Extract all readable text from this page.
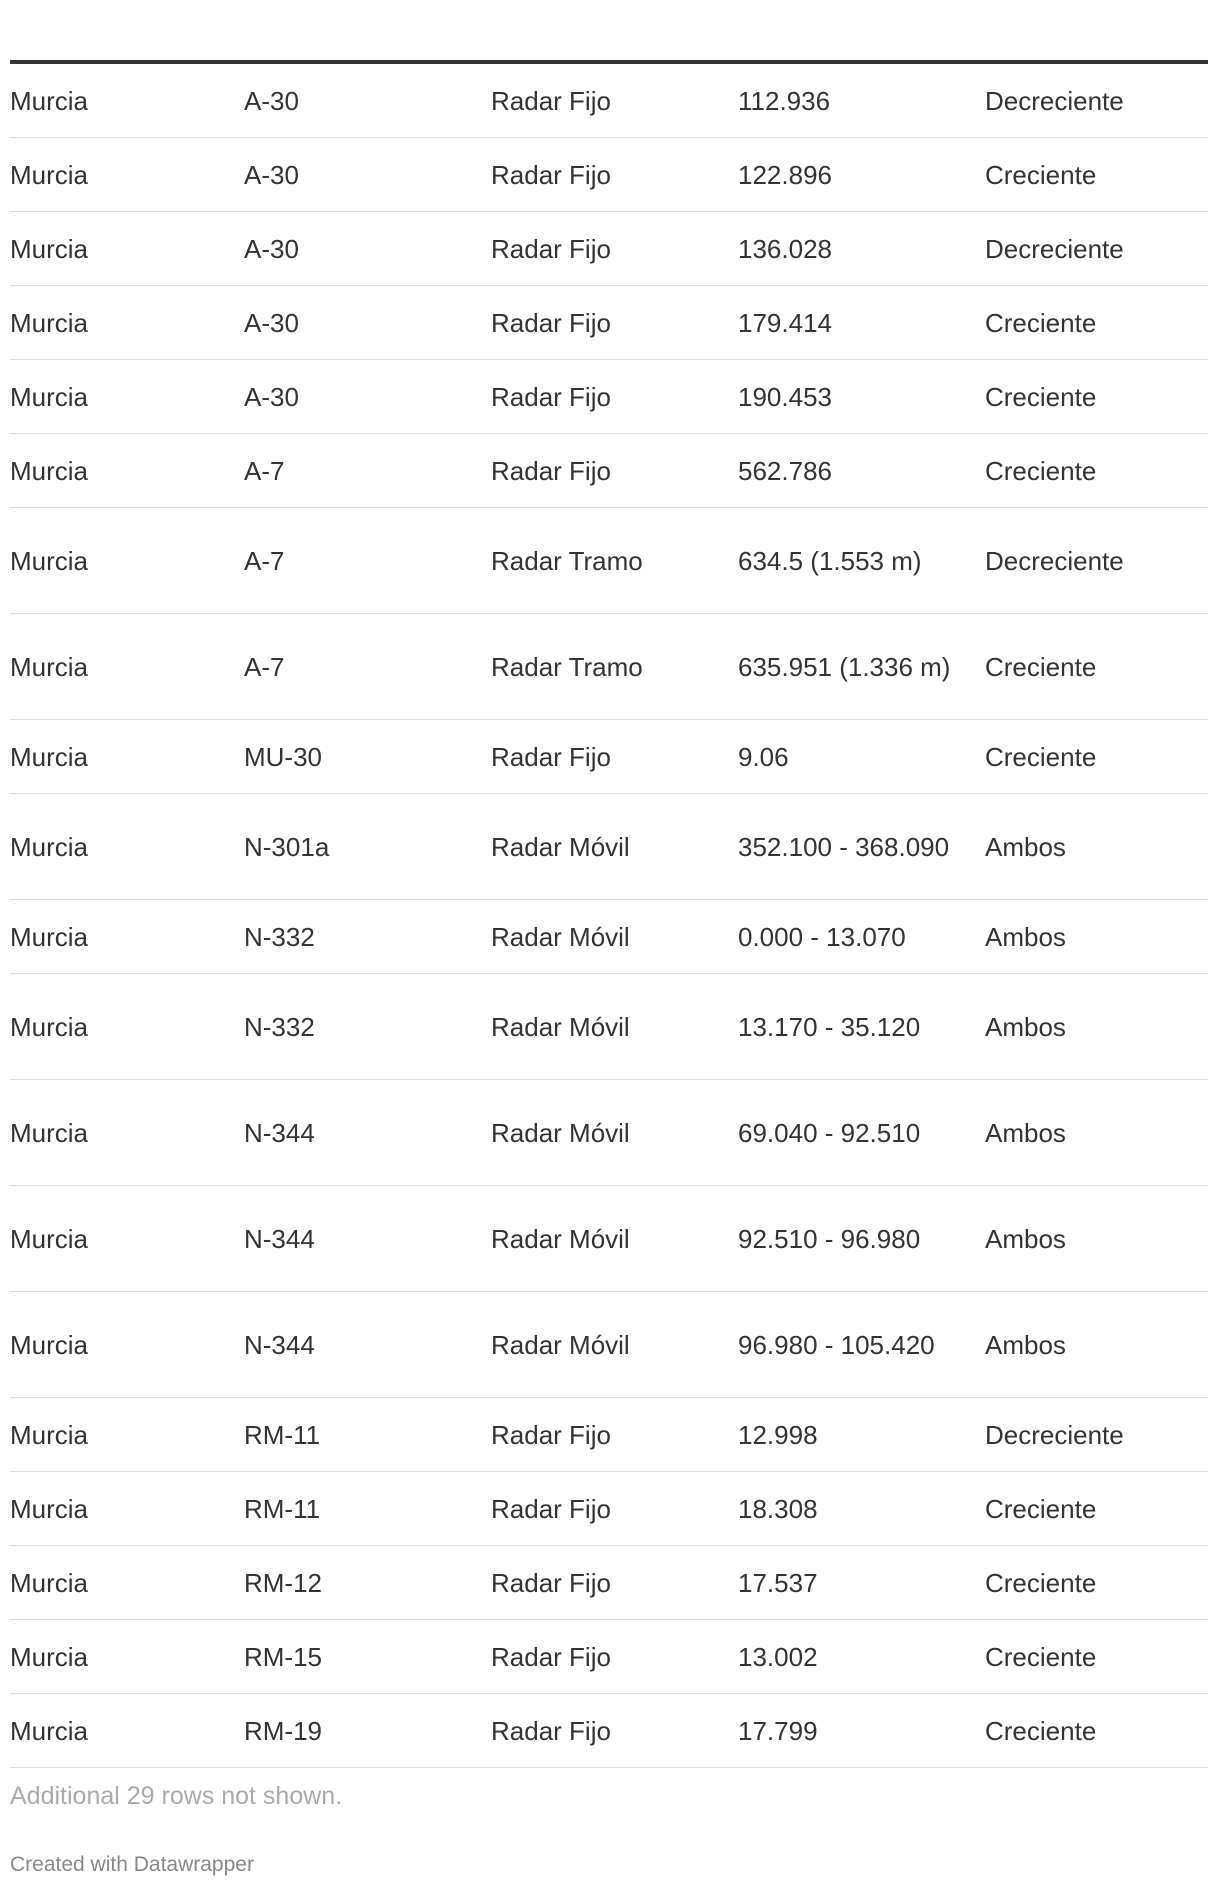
Murcia	A-30	Radar Fijo	112.936	Decreciente
Murcia	A-30	Radar Fijo	122.896	Creciente
Murcia	A-30	Radar Fijo	136.028	Decreciente
Murcia	A-30	Radar Fijo	179.414	Creciente
Murcia	A-30	Radar Fijo	190.453	Creciente
Murcia	A-7	Radar Fijo	562.786	Creciente
Murcia	A-7	Radar Tramo	634.5 (1.553 m)	Decreciente
Murcia	A-7	Radar Tramo	635.951 (1.336 m)	Creciente
Murcia	MU-30	Radar Fijo	9.06	Creciente
Murcia	N-301a	Radar Móvil	352.100 - 368.090	Ambos
Murcia	N-332	Radar Móvil	0.000 - 13.070	Ambos
Murcia	N-332	Radar Móvil	13.170 - 35.120	Ambos
Murcia	N-344	Radar Móvil	69.040 - 92.510	Ambos
Murcia	N-344	Radar Móvil	92.510 - 96.980	Ambos
Murcia	N-344	Radar Móvil	96.980 - 105.420	Ambos
Murcia	RM-11	Radar Fijo	12.998	Decreciente
Murcia	RM-11	Radar Fijo	18.308	Creciente
Murcia	RM-12	Radar Fijo	17.537	Creciente
Murcia	RM-15	Radar Fijo	13.002	Creciente
Murcia	RM-19	Radar Fijo	17.799	Creciente
Additional 29 rows not shown.
Created with Datawrapper
